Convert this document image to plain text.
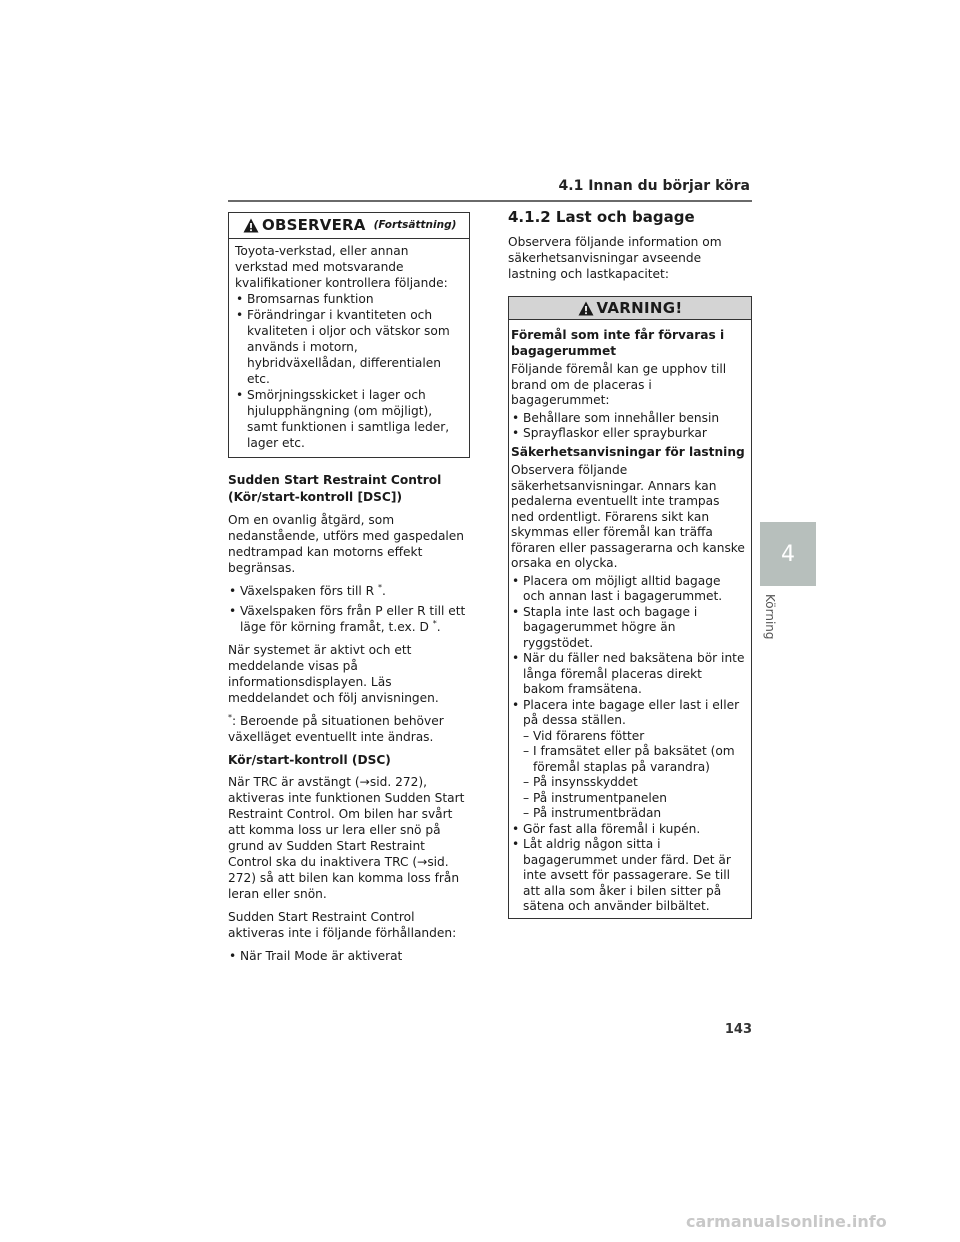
4.1 Innan du börjar köra
OBSERVERA (Fortsättning)
Toyota-verkstad, eller annan verkstad med motsvarande kvalifikationer kontrollera följande:
• Bromsarnas funktion
• Förändringar i kvantiteten och kvaliteten i oljor och vätskor som används i motorn, hybridväxellådan, differentialen etc.
• Smörjningsskicket i lager och hjulupphängning (om möjligt), samt funktionen i samtliga leder, lager etc.
Sudden Start Restraint Control (Kör/start-kontroll [DSC])

Om en ovanlig åtgärd, som nedanstående, utförs med gaspedalen nedtrampad kan motorns effekt begränsas.

• Växelspaken förs till R *.
• Växelspaken förs från P eller R till ett läge för körning framåt, t.ex. D *.

När systemet är aktivt och ett meddelande visas på informationsdisplayen. Läs meddelandet och följ anvisningen.

*: Beroende på situationen behöver växelläget eventuellt inte ändras.

Kör/start-kontroll (DSC)

När TRC är avstängt (→sid. 272), aktiveras inte funktionen Sudden Start Restraint Control. Om bilen har svårt att komma loss ur lera eller snö på grund av Sudden Start Restraint Control ska du inaktivera TRC (→sid. 272) så att bilen kan komma loss från leran eller snön.

Sudden Start Restraint Control aktiveras inte i följande förhållanden:

• När Trail Mode är aktiverat
4.1.2 Last och bagage
Observera följande information om säkerhetsanvisningar avseende lastning och lastkapacitet:
VARNING!
Föremål som inte får förvaras i bagagerummet

Följande föremål kan ge upphov till brand om de placeras i bagagerummet:

• Behållare som innehåller bensin
• Sprayflaskor eller sprayburkar
Säkerhetsanvisningar för lastning

Observera följande säkerhetsanvisningar. Annars kan pedalerna eventuellt inte trampas ned ordentligt. Förarens sikt kan skymmas eller föremål kan träffa föraren eller passagerarna och kanske orsaka en olycka.

• Placera om möjligt alltid bagage och annan last i bagagerummet.
• Stapla inte last och bagage i bagagerummet högre än ryggstödet.
• När du fäller ned baksätena bör inte långa föremål placeras direkt bakom framsätena.
• Placera inte bagage eller last i eller på dessa ställen.
– Vid förarens fötter
– I framsätet eller på baksätet (om föremål staplas på varandra)
– På insynsskyddet
– På instrumentpanelen
– På instrumentbrädan
• Gör fast alla föremål i kupén.
• Låt aldrig någon sitta i bagagerummet under färd. Det är inte avsett för passagerare. Se till att alla som åker i bilen sitter på sätena och använder bilbältet.
4
Körning
143
carmanualsonline.info
